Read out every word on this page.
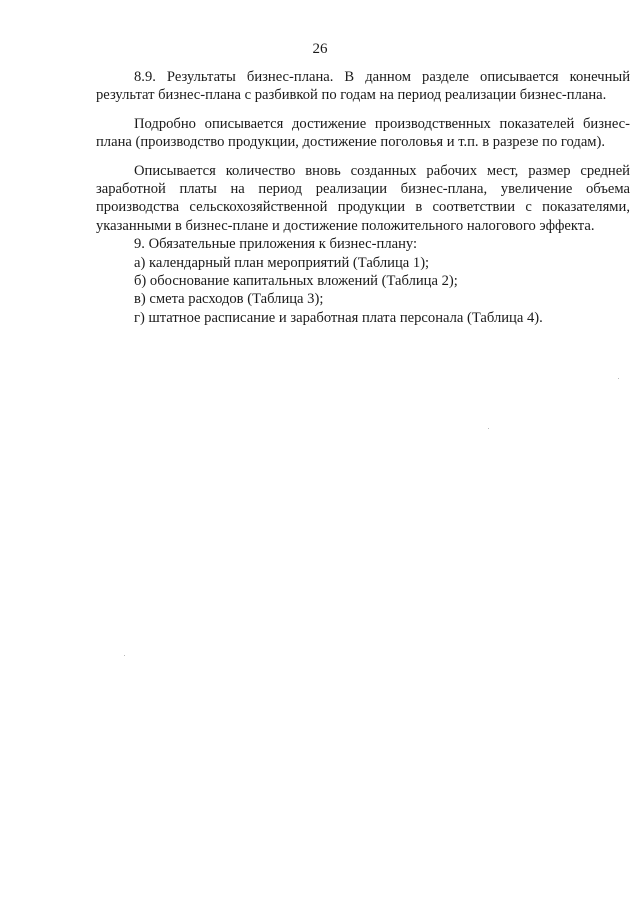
26

8.9. Результаты бизнес-плана. В данном разделе описывается конечный результат бизнес-плана с разбивкой по годам на период реализации бизнес-плана.

Подробно описывается достижение производственных показателей бизнес-плана (производство продукции, достижение поголовья и т.п. в разрезе по годам).

Описывается количество вновь созданных рабочих мест, размер средней заработной платы на период реализации бизнес-плана, увеличение объема производства сельскохозяйственной продукции в соответствии с показателями, указанными в бизнес-плане и достижение положительного налогового эффекта.

9. Обязательные приложения к бизнес-плану:

а) календарный план мероприятий (Таблица 1);

б) обоснование капитальных вложений (Таблица 2);

в) смета расходов (Таблица 3);

г) штатное расписание и заработная плата персонала (Таблица 4).
